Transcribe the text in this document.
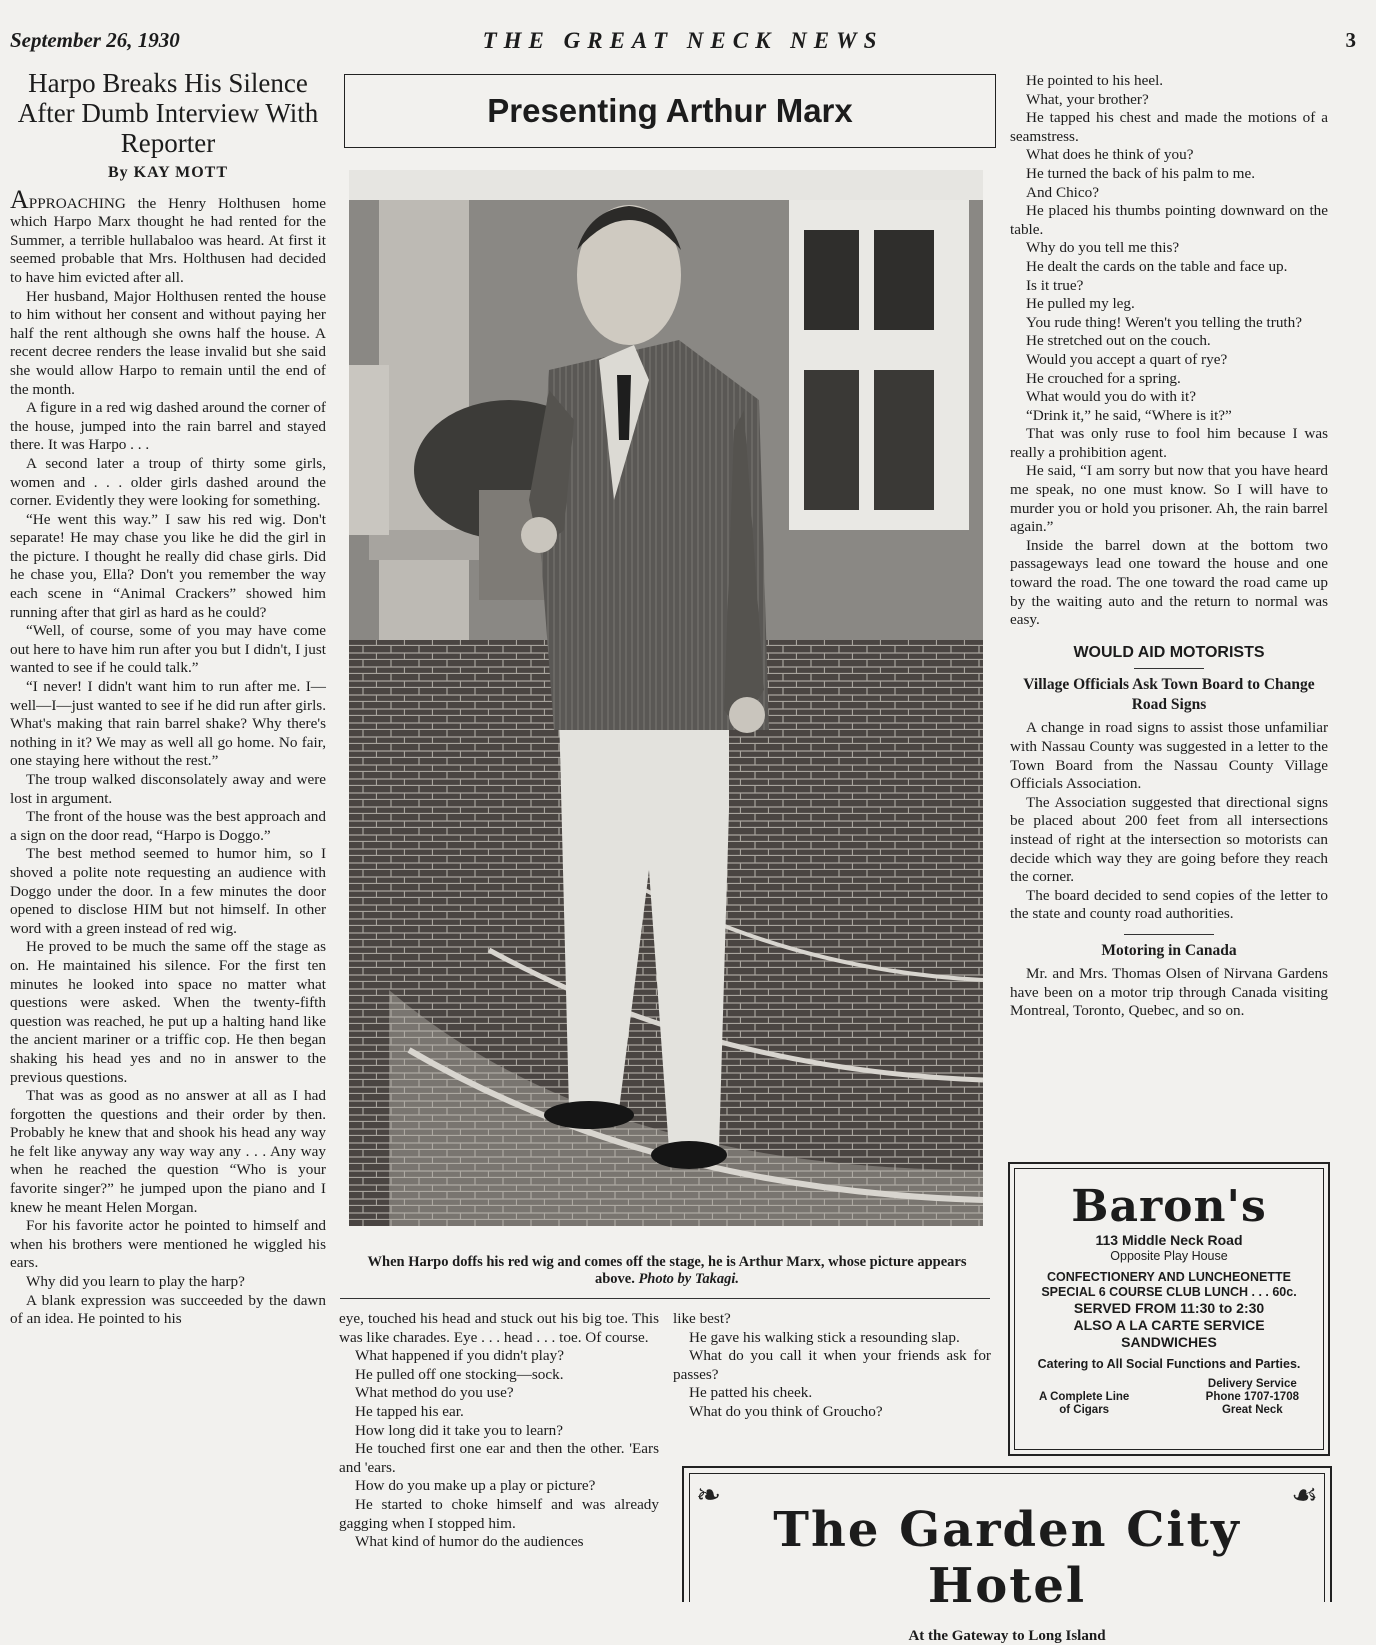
September 26, 1930	THE GREAT NECK NEWS	3
Harpo Breaks His Silence After Dumb Interview With Reporter
By KAY MOTT

APPROACHING the Henry Holthusen home which Harpo Marx thought he had rented for the Summer, a terrible hullabaloo was heard. At first it seemed probable that Mrs. Holthusen had decided to have him evicted after all.

Her husband, Major Holthusen rented the house to him without her consent and without paying her half the rent although she owns half the house. A recent decree renders the lease invalid but she said she would allow Harpo to remain until the end of the month.

A figure in a red wig dashed around the corner of the house, jumped into the rain barrel and stayed there. It was Harpo . . .

A second later a troup of thirty some girls, women and . . . older girls dashed around the corner. Evidently they were looking for something.

“He went this way.” I saw his red wig. Don't separate! He may chase you like he did the girl in the picture. I thought he really did chase girls. Did he chase you, Ella? Don't you remember the way each scene in “Animal Crackers” showed him running after that girl as hard as he could?

“Well, of course, some of you may have come out here to have him run after you but I didn't, I just wanted to see if he could talk.”

“I never! I didn't want him to run after me. I—well—I—just wanted to see if he did run after girls. What's making that rain barrel shake? Why there's nothing in it? We may as well all go home. No fair, one staying here without the rest.”

The troup walked disconsolately away and were lost in argument.

The front of the house was the best approach and a sign on the door read, “Harpo is Doggo.”

The best method seemed to humor him, so I shoved a polite note requesting an audience with Doggo under the door. In a few minutes the door opened to disclose HIM but not himself. In other word with a green instead of red wig.

He proved to be much the same off the stage as on. He maintained his silence. For the first ten minutes he looked into space no matter what questions were asked. When the twenty-fifth question was reached, he put up a halting hand like the ancient mariner or a triffic cop. He then began shaking his head yes and no in answer to the previous questions.

That was as good as no answer at all as I had forgotten the questions and their order by then. Probably he knew that and shook his head any way he felt like anyway any way way any . . . Any way when he reached the question “Who is your favorite singer?” he jumped upon the piano and I knew he meant Helen Morgan.

For his favorite actor he pointed to himself and when his brothers were mentioned he wiggled his ears.

Why did you learn to play the harp?

A blank expression was succeeded by the dawn of an idea. He pointed to his

Presenting Arthur Marx
When Harpo doffs his red wig and comes off the stage, he is Arthur Marx, whose picture appears above. Photo by Takagi.

eye, touched his head and stuck out his big toe. This was like charades. Eye . . . head . . . toe. Of course.

What happened if you didn't play?

He pulled off one stocking—sock.

What method do you use?

He tapped his ear.

How long did it take you to learn?

He touched first one ear and then the other. 'Ears and 'ears.

How do you make up a play or picture?

He started to choke himself and was already gagging when I stopped him.

What kind of humor do the audiences

like best?

He gave his walking stick a resounding slap.

What do you call it when your friends ask for passes?

He patted his cheek.

What do you think of Groucho?

He pointed to his heel.

What, your brother?

He tapped his chest and made the motions of a seamstress.

What does he think of you?

He turned the back of his palm to me.

And Chico?

He placed his thumbs pointing downward on the table.

Why do you tell me this?

He dealt the cards on the table and face up.

Is it true?

He pulled my leg.

You rude thing! Weren't you telling the truth?

He stretched out on the couch.

Would you accept a quart of rye?

He crouched for a spring.

What would you do with it?

“Drink it,” he said, “Where is it?”

That was only ruse to fool him because I was really a prohibition agent.

He said, “I am sorry but now that you have heard me speak, no one must know. So I will have to murder you or hold you prisoner. Ah, the rain barrel again.”

Inside the barrel down at the bottom two passageways lead one toward the house and one toward the road. The one toward the road came up by the waiting auto and the return to normal was easy.

WOULD AID MOTORISTS
Village Officials Ask Town Board to Change Road Signs

A change in road signs to assist those unfamiliar with Nassau County was suggested in a letter to the Town Board from the Nassau County Village Officials Association.

The Association suggested that directional signs be placed about 200 feet from all intersections instead of right at the intersection so motorists can decide which way they are going before they reach the corner.

The board decided to send copies of the letter to the state and county road authorities.

Motoring in Canada

Mr. and Mrs. Thomas Olsen of Nirvana Gardens have been on a motor trip through Canada visiting Montreal, Toronto, Quebec, and so on.

Baron's
113 Middle Neck Road
Opposite Play House
CONFECTIONERY AND LUNCHEONETTE
SPECIAL 6 COURSE CLUB LUNCH . . . 60c.
SERVED FROM 11:30 to 2:30
ALSO A LA CARTE SERVICE
SANDWICHES
Catering to All Social Functions and Parties.
A Complete Line
of Cigars
Delivery Service
Phone 1707-1708
Great Neck
❧	☙
The Garden City Hotel
At the Gateway to Long Island
